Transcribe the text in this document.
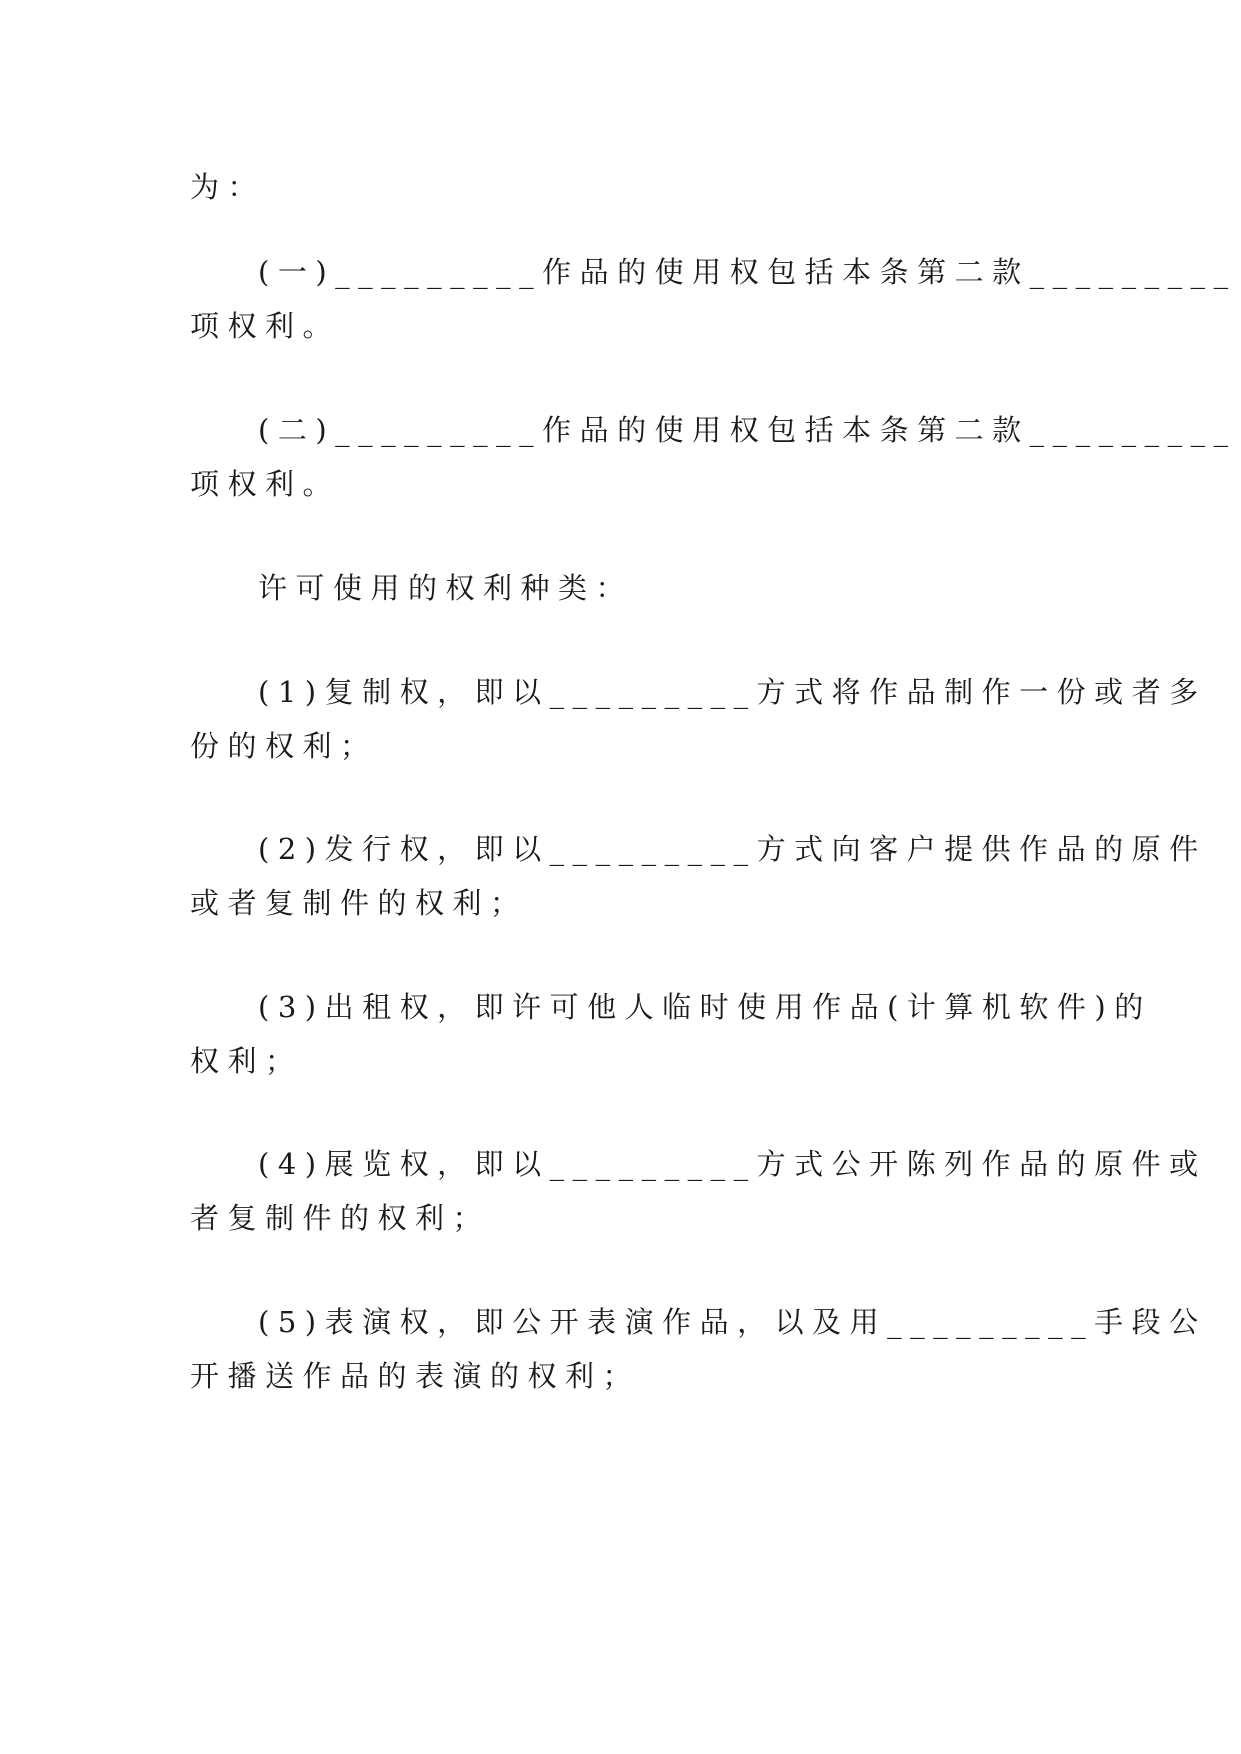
为：
(一)_________作品的使用权包括本条第二款_________
项权利。
(二)_________作品的使用权包括本条第二款_________
项权利。
许可使用的权利种类：
(1)复制权，即以_________方式将作品制作一份或者多
份的权利；
(2)发行权，即以_________方式向客户提供作品的原件
或者复制件的权利；
(3)出租权，即许可他人临时使用作品(计算机软件)的
权利；
(4)展览权，即以_________方式公开陈列作品的原件或
者复制件的权利；
(5)表演权，即公开表演作品，以及用_________手段公
开播送作品的表演的权利；
